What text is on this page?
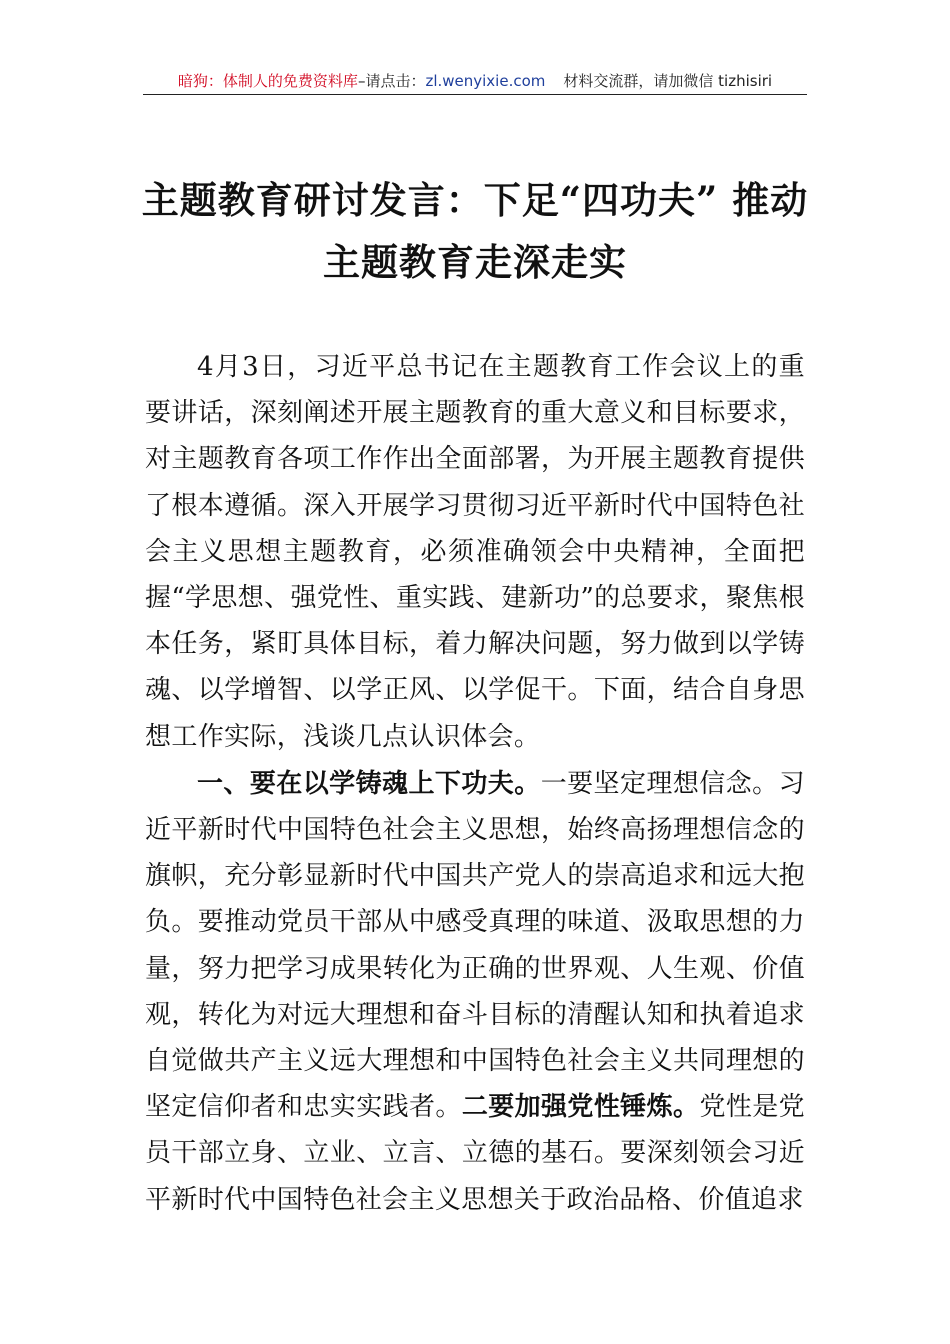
暗狗：体制人的免费资料库–请点击：zl.wenyixie.com 材料交流群，请加微信 tizhisiri
主题教育研讨发言：下足“四功夫” 推动
主题教育走深走实

4月3日，习近平总书记在主题教育工作会议上的重要讲话，深刻阐述开展主题教育的重大意义和目标要求，对主题教育各项工作作出全面部署，为开展主题教育提供了根本遵循。深入开展学习贯彻习近平新时代中国特色社会主义思想主题教育，必须准确领会中央精神，全面把握“学思想、强党性、重实践、建新功”的总要求，聚焦根本任务，紧盯具体目标，着力解决问题，努力做到以学铸魂、以学增智、以学正风、以学促干。下面，结合自身思想工作实际，浅谈几点认识体会。

一、要在以学铸魂上下功夫。一要坚定理想信念。习近平新时代中国特色社会主义思想，始终高扬理想信念的旗帜，充分彰显新时代中国共产党人的崇高追求和远大抱负。要推动党员干部从中感受真理的味道、汲取思想的力量，努力把学习成果转化为正确的世界观、人生观、价值观，转化为对远大理想和奋斗目标的清醒认知和执着追求自觉做共产主义远大理想和中国特色社会主义共同理想的坚定信仰者和忠实实践者。二要加强党性锤炼。党性是党员干部立身、立业、立言、立德的基石。要深刻领会习近平新时代中国特色社会主义思想关于政治品格、价值追求
